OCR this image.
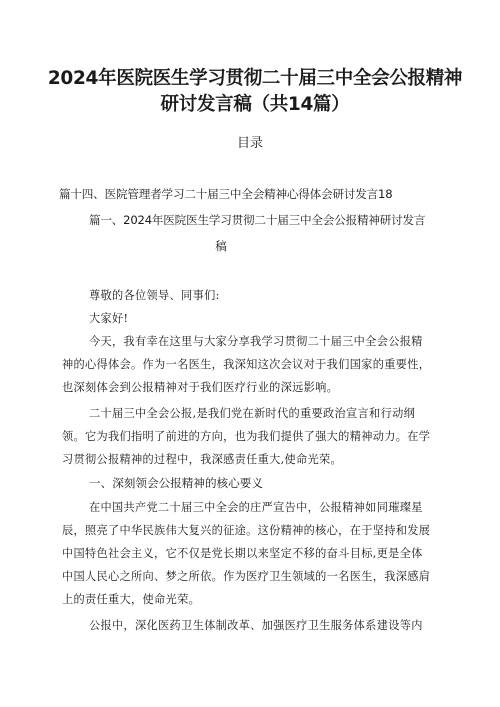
2024年医院医生学习贯彻二十届三中全会公报精神
研讨发言稿（共14篇）
目录
篇十四、医院管理者学习二十届三中全会精神心得体会研讨发言18
篇一、2024年医院医生学习贯彻二十届三中全会公报精神研讨发言
稿
尊敬的各位领导、同事们:
大家好!
今天，我有幸在这里与大家分享我学习贯彻二十届三中全会公报精
神的心得体会。作为一名医生，我深知这次会议对于我们国家的重要性，
也深刻体会到公报精神对于我们医疗行业的深远影响。
二十届三中全会公报,是我们党在新时代的重要政治宣言和行动纲
领。它为我们指明了前进的方向，也为我们提供了强大的精神动力。在学
习贯彻公报精神的过程中，我深感责任重大,使命光荣。
一、深刻领会公报精神的核心要义
在中国共产党二十届三中全会的庄严宣告中，公报精神如同璀璨星
辰，照亮了中华民族伟大复兴的征途。这份精神的核心，在于坚持和发展
中国特色社会主义，它不仅是党长期以来坚定不移的奋斗目标,更是全体
中国人民心之所向、梦之所依。作为医疗卫生领域的一名医生，我深感肩
上的责任重大，使命光荣。
公报中，深化医药卫生体制改革、加强医疗卫生服务体系建设等内
